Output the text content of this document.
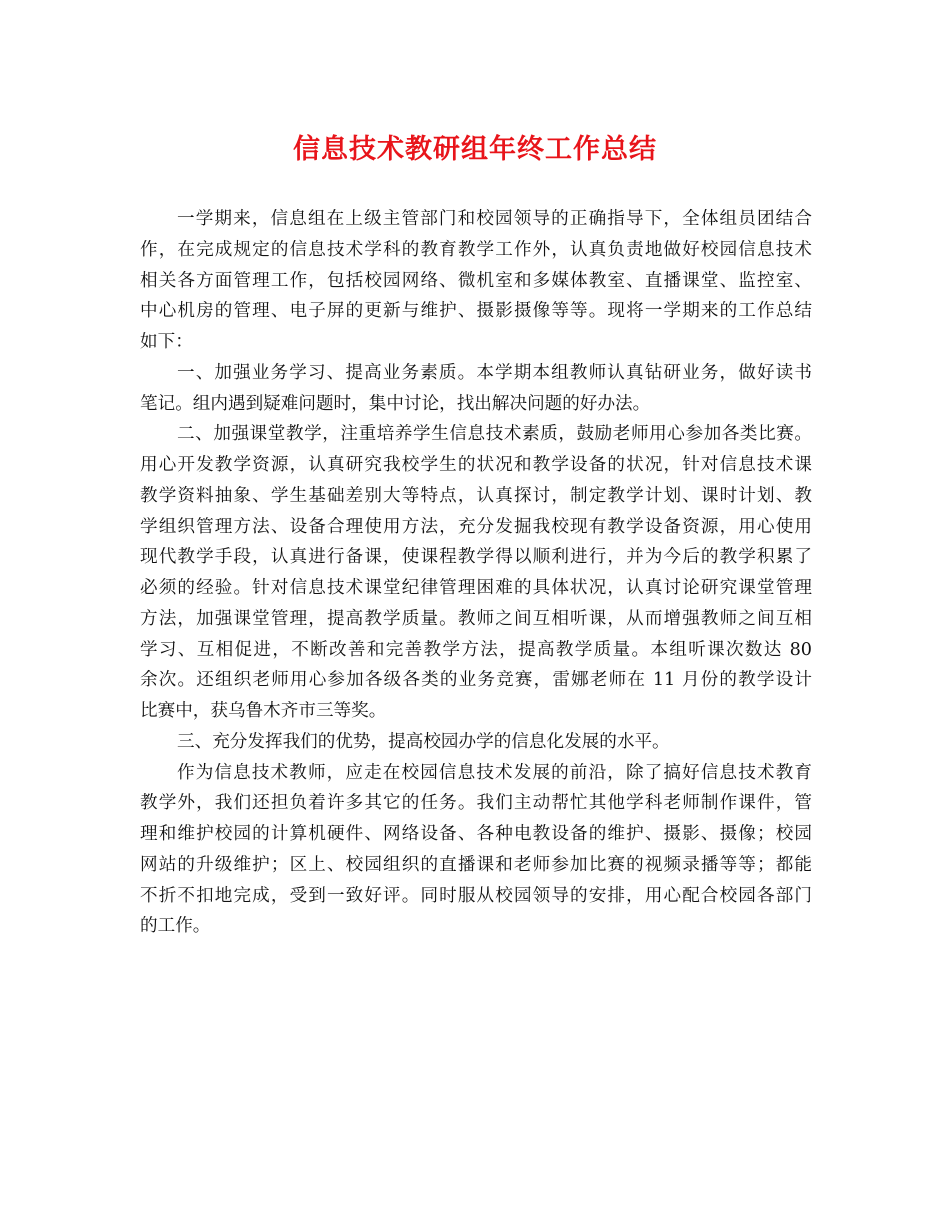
信息技术教研组年终工作总结
一学期来，信息组在上级主管部门和校园领导的正确指导下，全体组员团结合
作，在完成规定的信息技术学科的教育教学工作外，认真负责地做好校园信息技术
相关各方面管理工作，包括校园网络、微机室和多媒体教室、直播课堂、监控室、
中心机房的管理、电子屏的更新与维护、摄影摄像等等。现将一学期来的工作总结
如下：
一、加强业务学习、提高业务素质。本学期本组教师认真钻研业务，做好读书
笔记。组内遇到疑难问题时，集中讨论，找出解决问题的好办法。
二、加强课堂教学，注重培养学生信息技术素质，鼓励老师用心参加各类比赛。
用心开发教学资源，认真研究我校学生的状况和教学设备的状况，针对信息技术课
教学资料抽象、学生基础差别大等特点，认真探讨，制定教学计划、课时计划、教
学组织管理方法、设备合理使用方法，充分发掘我校现有教学设备资源，用心使用
现代教学手段，认真进行备课，使课程教学得以顺利进行，并为今后的教学积累了
必须的经验。针对信息技术课堂纪律管理困难的具体状况，认真讨论研究课堂管理
方法，加强课堂管理，提高教学质量。教师之间互相听课，从而增强教师之间互相
学习、互相促进，不断改善和完善教学方法，提高教学质量。本组听课次数达 80
余次。还组织老师用心参加各级各类的业务竞赛，雷娜老师在 11 月份的教学设计
比赛中，获乌鲁木齐市三等奖。
三、充分发挥我们的优势，提高校园办学的信息化发展的水平。
作为信息技术教师，应走在校园信息技术发展的前沿，除了搞好信息技术教育
教学外，我们还担负着许多其它的任务。我们主动帮忙其他学科老师制作课件，管
理和维护校园的计算机硬件、网络设备、各种电教设备的维护、摄影、摄像；校园
网站的升级维护；区上、校园组织的直播课和老师参加比赛的视频录播等等；都能
不折不扣地完成，受到一致好评。同时服从校园领导的安排，用心配合校园各部门
的工作。
